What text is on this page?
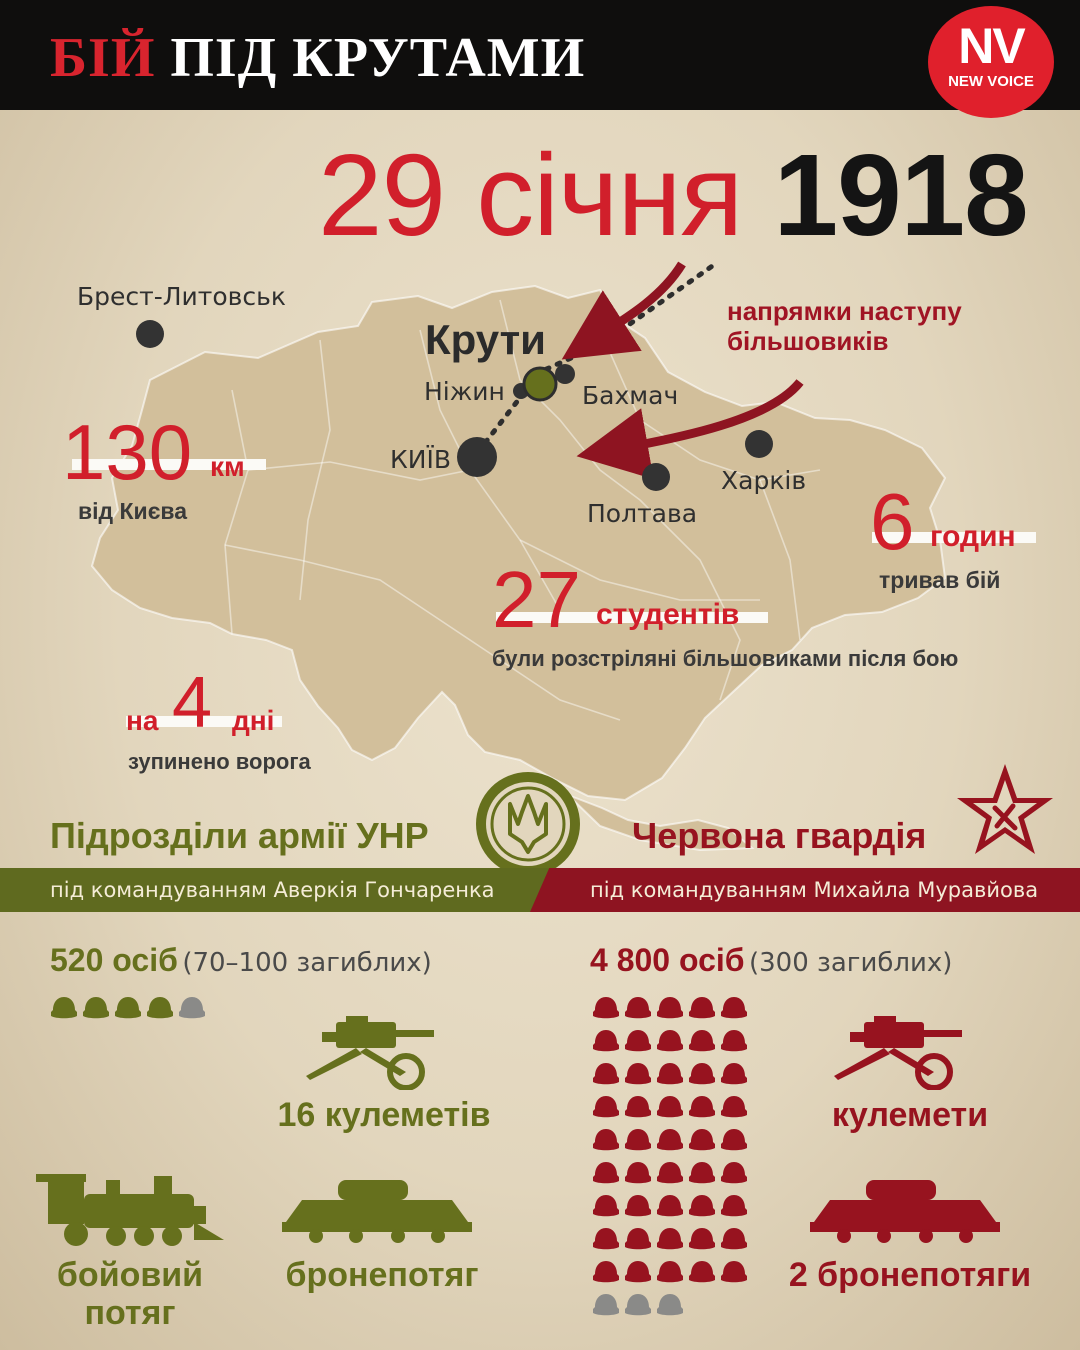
БІЙ ПІД КРУТАМИ	NV
NEW VOICE
29 січня 1918
Брест-Литовськ
Крути
Ніжин	Бахмач
КИЇВ
Харків
Полтава
напрямки наступу
більшовиків
130 км
від Києва	6 годин
тривав бій
27 студентів
були розстріляні більшовиками після бою
на 4 дні
зупинено ворога
Підрозділи армії УНР	Червона гвардія
під командуванням Аверкія Гончаренка	під командуванням Михайла Муравйова
520 осіб (70–100 загиблих)	4 800 осіб (300 загиблих)
16 кулеметів
бойовий потяг
бронепотяг
кулемети
2 бронепотяги
